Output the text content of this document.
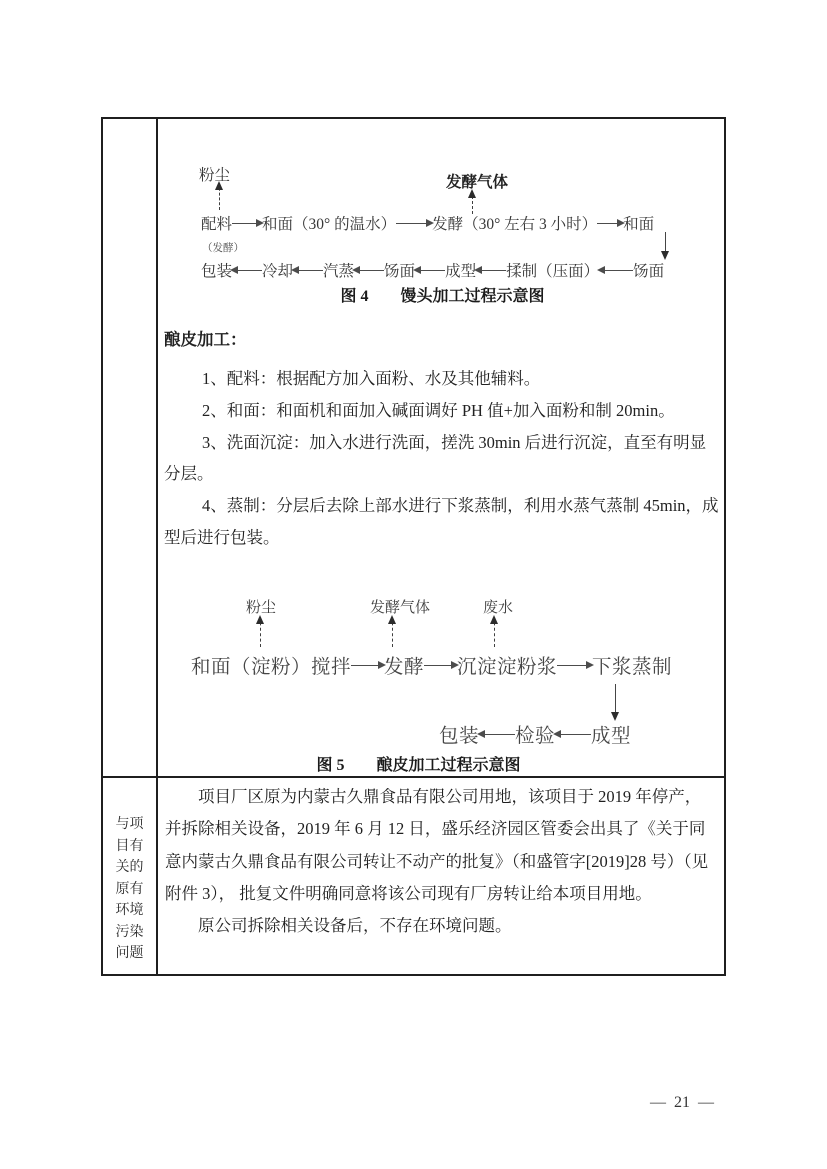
粉尘	发酵气体
配料 和面（30° 的温水） 发酵（30° 左右 3 小时） 和面
（发酵）
包装 冷却 汽蒸 饧面 成型 揉制（压面） 饧面
图 4 馒头加工过程示意图
酿皮加工：
1、配料：根据配方加入面粉、水及其他辅料。
2、和面：和面机和面加入碱面调好 PH 值+加入面粉和制 20min。
3、洗面沉淀：加入水进行洗面，搓洗 30min 后进行沉淀，直至有明显
分层。
4、蒸制：分层后去除上部水进行下浆蒸制，利用水蒸气蒸制 45min，成
型后进行包装。
粉尘	发酵气体	废水
和面（淀粉）搅拌 发酵 沉淀淀粉浆 下浆蒸制
包装 检验 成型
图 5 酿皮加工过程示意图
与项
目有
关的
原有
环境
污染
问题
项目厂区原为内蒙古久鼎食品有限公司用地，该项目于 2019 年停产，
并拆除相关设备，2019 年 6 月 12 日，盛乐经济园区管委会出具了《关于同
意内蒙古久鼎食品有限公司转让不动产的批复》（和盛管字[2019]28 号）（见
附件 3）， 批复文件明确同意将该公司现有厂房转让给本项目用地。
原公司拆除相关设备后，不存在环境问题。
—  21  —
